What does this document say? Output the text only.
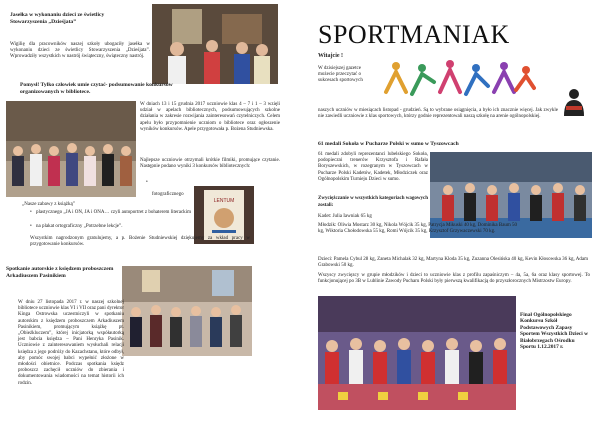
Jasełka w wykonaniu dzieci ze świetlicy Stowarzyszenia „Dzieśjata”
Wigilię dla pracowników naszej szkoły ubogaciły jasełka w wykonaniu dzieci ze świetlicy Stowarzyszenia „Dzieśjata”. Wprowadziły wszystkich w nastrój świąteczny, świąteczny nastrój.
Pomysł! Tylko człowiek umie czytać- podsumowanie konkursów organizowanych w bibliotece.
W dniach 13 i 15 grudnia 2017 uczniowie klas 4 – 7 i 1 – 3 wzięli udział w apelach bibliotecznych, podsumowujących szkolne działania w zakresie rozwijania zainteresowań czytelniczych. Celem apelu było przypomnienie uczniom o bibliotece oraz ogłoszenie wyników konkursów. Apele przygotowała p. Bożena Studniewska.
Najlepsze uczniowie otrzymali krótkie filmiki, promujące czytanie. Następnie podano wyniki 3 konkursów bibliotecznych:
•
fotograficznego
LENTUM
„Nasze zabawy z książką”
• plastycznego „JA i ON, JA i ONA… czyli autoportret z bohaterem literackim
• na plakat ortograficzny „Potrzebne lekcje”.
Wszystkim nagrodzonym gratulujemy, a p. Bożenie Studniewskiej dziękujemy za wkład pracy w przygotowanie konkursów.
Spotkanie autorskie z księdzem proboszczem Arkadiuszem Pasinikiem
W dniu 27 listopada 2017 r. w naszej szkolnej bibliotece uczniowie klas VI i VII oraz pani dyrektor Kinga Ostrowska uczestniczyli w spotkaniu autorskim z księdzem proboszczem Arkadiuszem Pasinikiem, promującym książkę pt. „Obieżkluczem”, której inicjatorką współautorką jest babcia księdza – Pani Henryka Pasinik. Uczniowie z zainteresowaniem wysłuchali relacji księdza z jego podróży do Kazachstanu, które odbył, aby pomóc swojej babci wypełnić złożone w młodości obietnice. Podczas spotkania księdz proboszcz zachęcił uczniów do zbierania i dokumentowania wiadomości na temat historii ich rodzin.
SPORTMANIAK
Witajcie !
W dzisiejszej gazetce możecie przeczytać o sukcesach sportowych
naszych uczniów w miesiącach listopad - grudzień. Są to wybrane osiągnięcia, a było ich znacznie więcej. Jak zwykle nie zawiedli uczniowie z klas sportowych, którzy godnie reprezentowali naszą szkołę na arenie ogólnopolskiej.
61 medali Sokoła w Pucharze Polski w sumo w Tyszowcach
61 medali zdobyli reprezentanci lubelskiego Sokoła, podopieczni trenerów Krzysztofa i Rafała Boryszewskich, w rozegranym w Tyszowcach w Pucharze Polski Kadetów, Kadetek, Młodziczek oraz Ogólnopolskim Turnieju Dzieci w sumo.
Zwyciężczanie w wszystkich kategoriach wagowych zostali:
Kadet: Julia Iawniak 65 kg
Młodzik: Oliwia Mostarz 30 kg, Nikola Wójcik 35 kg, Patrycja Mikuski 40 kg, Dominika Baum 50 kg, Wiktoria Chołodowska 55 kg, Romi Wójcik 35 kg, Krzysztof Grzywaczewski 70 kg.
Dzieci: Pamela Cybul 28 kg, Zaneta Michalak 32 kg, Martyna Kloda 35 kg, Zuzanna Olesińska 40 kg, Kevin Kłosowska 36 kg, Adam Grabowski 50 kg.
Wszyscy zwycięzcy w grupie młodzików i dzieci to uczniowie klas z profilu zapaśniczym – 4a, 5a, 6a oraz klasy sportowej. To funkcjonującej po 3B w Lublinie Zawody Pucharu Polski były pierwszą kwalifikacją do przyszłorocznych Mistrzostw Europy.
Finał Ogólnopolskiego Konkursu Szkół Podstawowych Zapasy Sportem Wszystkich Dzieci w Białobrzegach Ośrodku Sportu 1.12.2017 r.
